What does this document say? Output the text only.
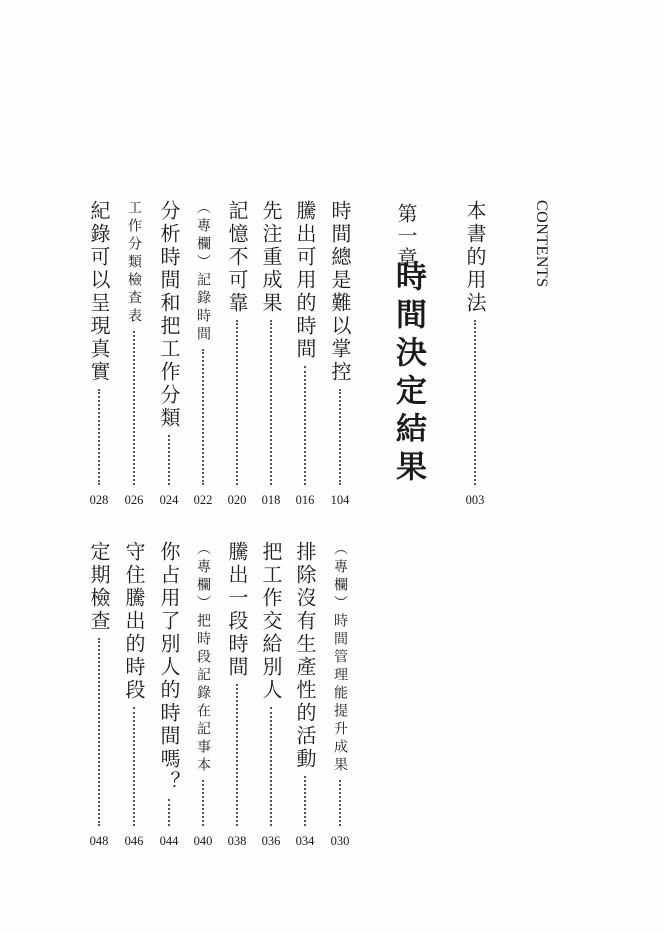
CONTENTS
本書的用法
003
第一章
時間決定結果
時間總是難以掌控
104
騰出可用的時間
016
先注重成果
018
記憶不可靠
020
（專欄）記錄時間
022
分析時間和把工作分類
024
工作分類檢查表
026
紀錄可以呈現真實
028
（專欄）時間管理能提升成果
030
排除沒有生產性的活動
034
把工作交給別人
036
騰出一段時間
038
（專欄）把時段記錄在記事本
040
你占用了別人的時間嗎？
044
守住騰出的時段
046
定期檢查
048
